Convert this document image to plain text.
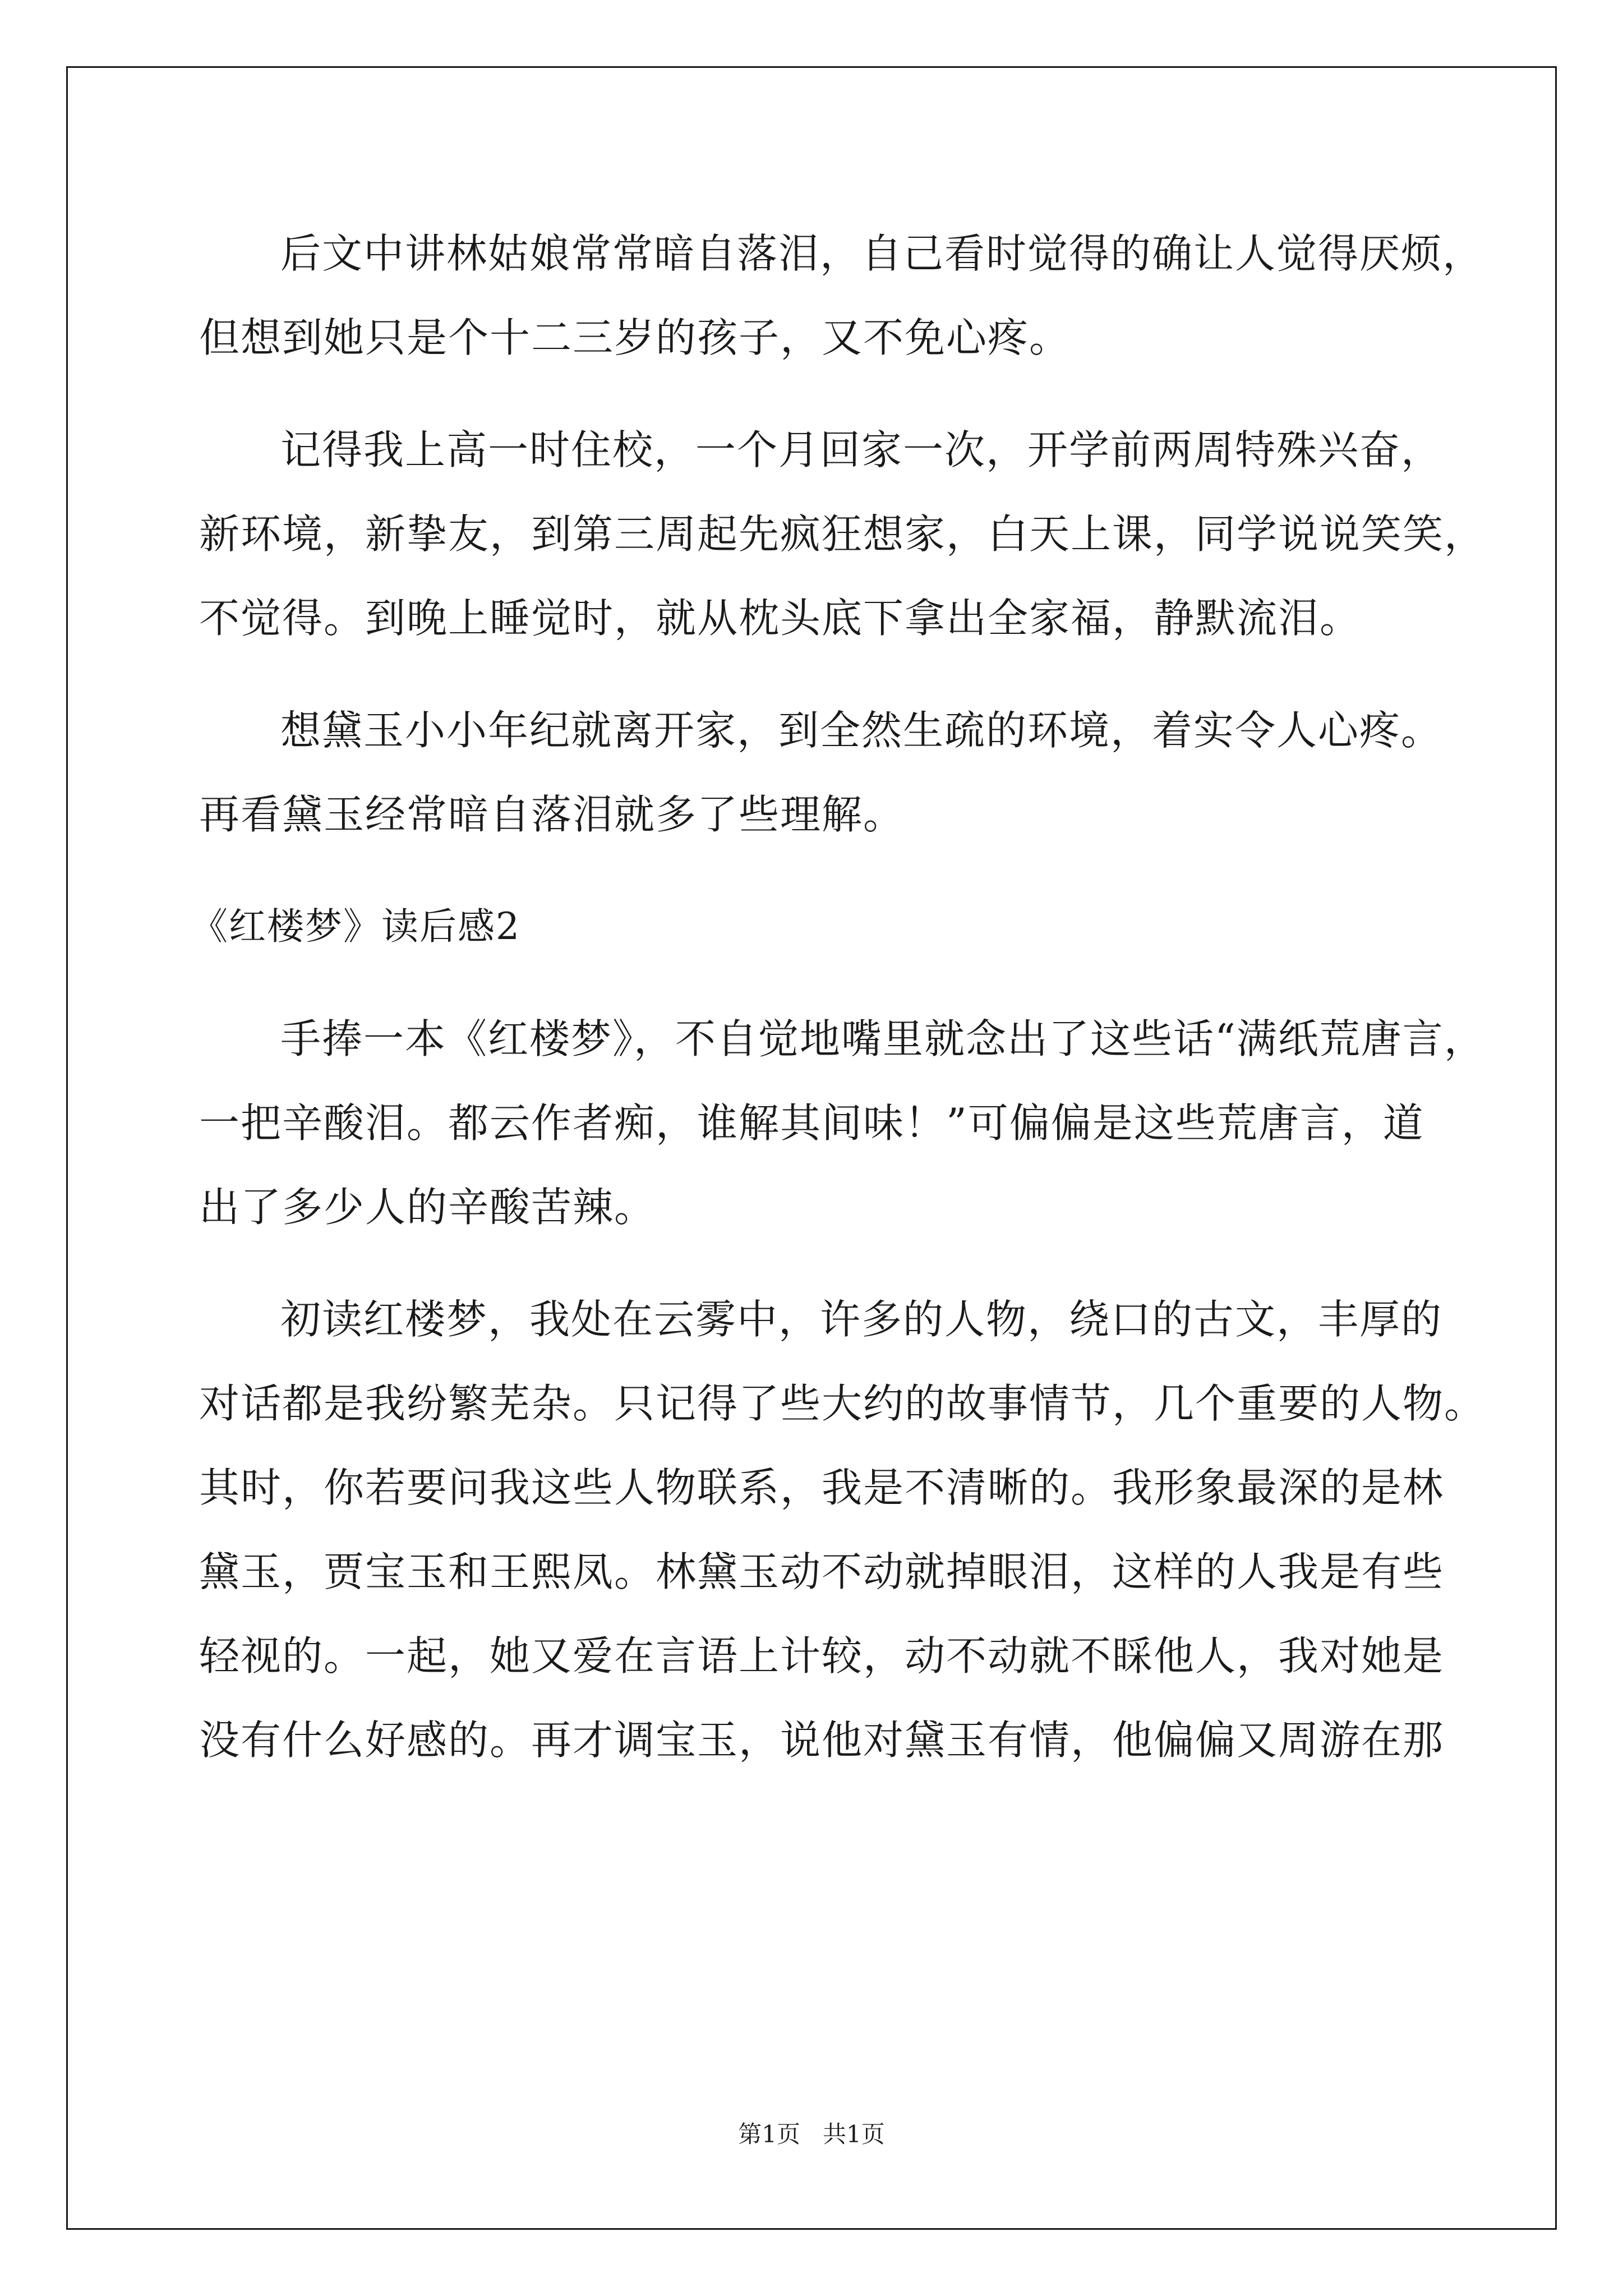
后文中讲林姑娘常常暗自落泪，自己看时觉得的确让人觉得厌烦，

但想到她只是个十二三岁的孩子，又不免心疼。

记得我上高一时住校，一个月回家一次，开学前两周特殊兴奋，

新环境，新挚友，到第三周起先疯狂想家，白天上课，同学说说笑笑，

不觉得。到晚上睡觉时，就从枕头底下拿出全家福，静默流泪。

想黛玉小小年纪就离开家，到全然生疏的环境，着实令人心疼。

再看黛玉经常暗自落泪就多了些理解。

《红楼梦》读后感2

手捧一本《红楼梦》，不自觉地嘴里就念出了这些话“满纸荒唐言，

一把辛酸泪。都云作者痴，谁解其间味！”可偏偏是这些荒唐言，道

出了多少人的辛酸苦辣。

初读红楼梦，我处在云雾中，许多的人物，绕口的古文，丰厚的

对话都是我纷繁芜杂。只记得了些大约的故事情节，几个重要的人物。

其时，你若要问我这些人物联系，我是不清晰的。我形象最深的是林

黛玉，贾宝玉和王熙凤。林黛玉动不动就掉眼泪，这样的人我是有些

轻视的。一起，她又爱在言语上计较，动不动就不睬他人，我对她是

没有什么好感的。再才调宝玉，说他对黛玉有情，他偏偏又周游在那

第1页   共1页
